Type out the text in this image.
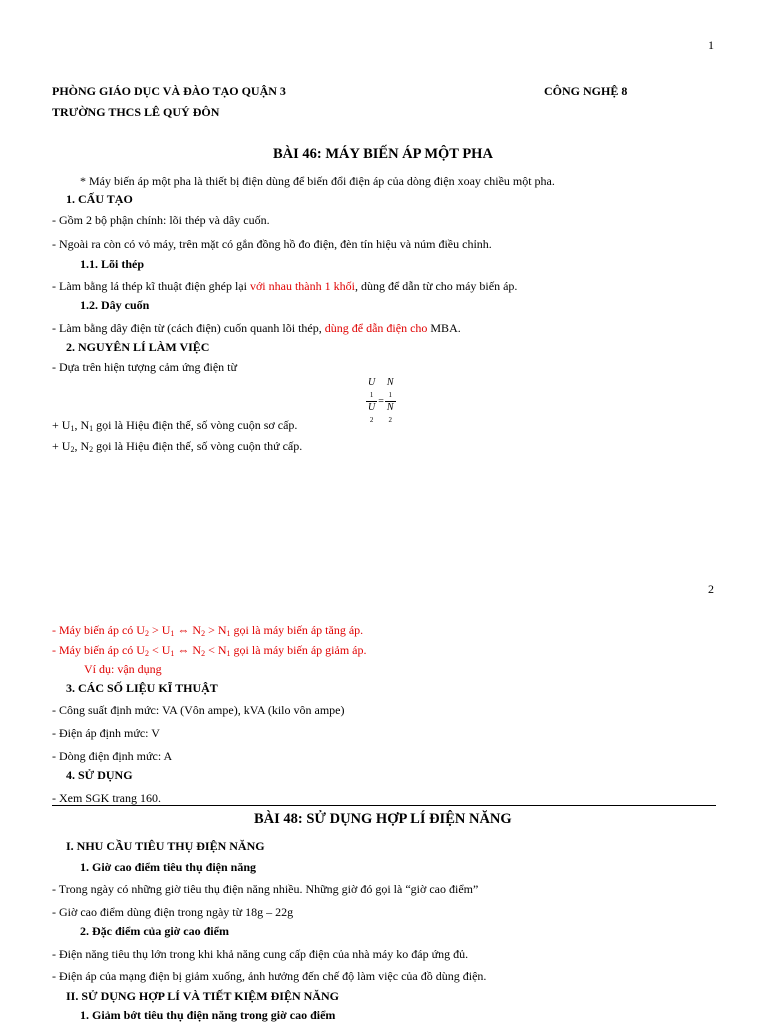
1
PHÒNG GIÁO DỤC VÀ ĐÀO TẠO QUẬN 3	CÔNG NGHỆ 8
TRƯỜNG THCS LÊ QUÝ ĐÔN
BÀI 46: MÁY BIẾN ÁP MỘT PHA
* Máy biến áp một pha là thiết bị điện dùng để biến đổi điện áp của dòng điện xoay chiều một pha.
1. CẤU TẠO
- Gồm 2 bộ phận chính: lõi thép và dây cuốn.
- Ngoài ra còn có vỏ máy, trên mặt có gắn đồng hồ đo điện, đèn tín hiệu và núm điều chỉnh.
1.1. Lõi thép
- Làm bằng lá thép kĩ thuật điện ghép lại với nhau thành 1 khối, dùng để dẫn từ cho máy biến áp.
1.2. Dây cuốn
- Làm bằng dây điện từ (cách điện) cuốn quanh lõi thép, dùng để dẫn điện cho MBA.
2. NGUYÊN LÍ LÀM VIỆC
- Dựa trên hiện tượng cảm ứng điện từ
U
1
U
2 = N
1
N
2
+ $U_1$, $N_1$ gọi là Hiệu điện thế, số vòng cuộn sơ cấp.
+ $U_2$, $N_2$ gọi là Hiệu điện thế, số vòng cuộn thứ cấp.
2
- Máy biến áp có $U_2 > U_1$ ⇔ $N_2 > N_1$ gọi là máy biến áp tăng áp.
- Máy biến áp có $U_2 < U_1$ ⇔ $N_2 < N_1$ gọi là máy biến áp giảm áp.
Ví dụ: vận dụng
3. CÁC SỐ LIỆU KĨ THUẬT
- Công suất định mức: VA (Vôn ampe), kVA (kilo vôn ampe)
- Điện áp định mức: V
- Dòng điện định mức: A
4. SỬ DỤNG
- Xem SGK trang 160.
BÀI 48: SỬ DỤNG HỢP LÍ ĐIỆN NĂNG
I. NHU CẦU TIÊU THỤ ĐIỆN NĂNG
1. Giờ cao điểm tiêu thụ điện năng
- Trong ngày có những giờ tiêu thụ điện năng nhiều. Những giờ đó gọi là “giờ cao điểm”
- Giờ cao điểm dùng điện trong ngày từ 18g – 22g
2. Đặc điểm của giờ cao điểm
- Điện năng tiêu thụ lớn trong khi khả năng cung cấp điện của nhà máy ko đáp ứng đủ.
- Điện áp của mạng điện bị giảm xuống, ảnh hưởng đến chế độ làm việc của đồ dùng điện.
II. SỬ DỤNG HỢP LÍ VÀ TIẾT KIỆM ĐIỆN NĂNG
1. Giảm bớt tiêu thụ điện năng trong giờ cao điểm
